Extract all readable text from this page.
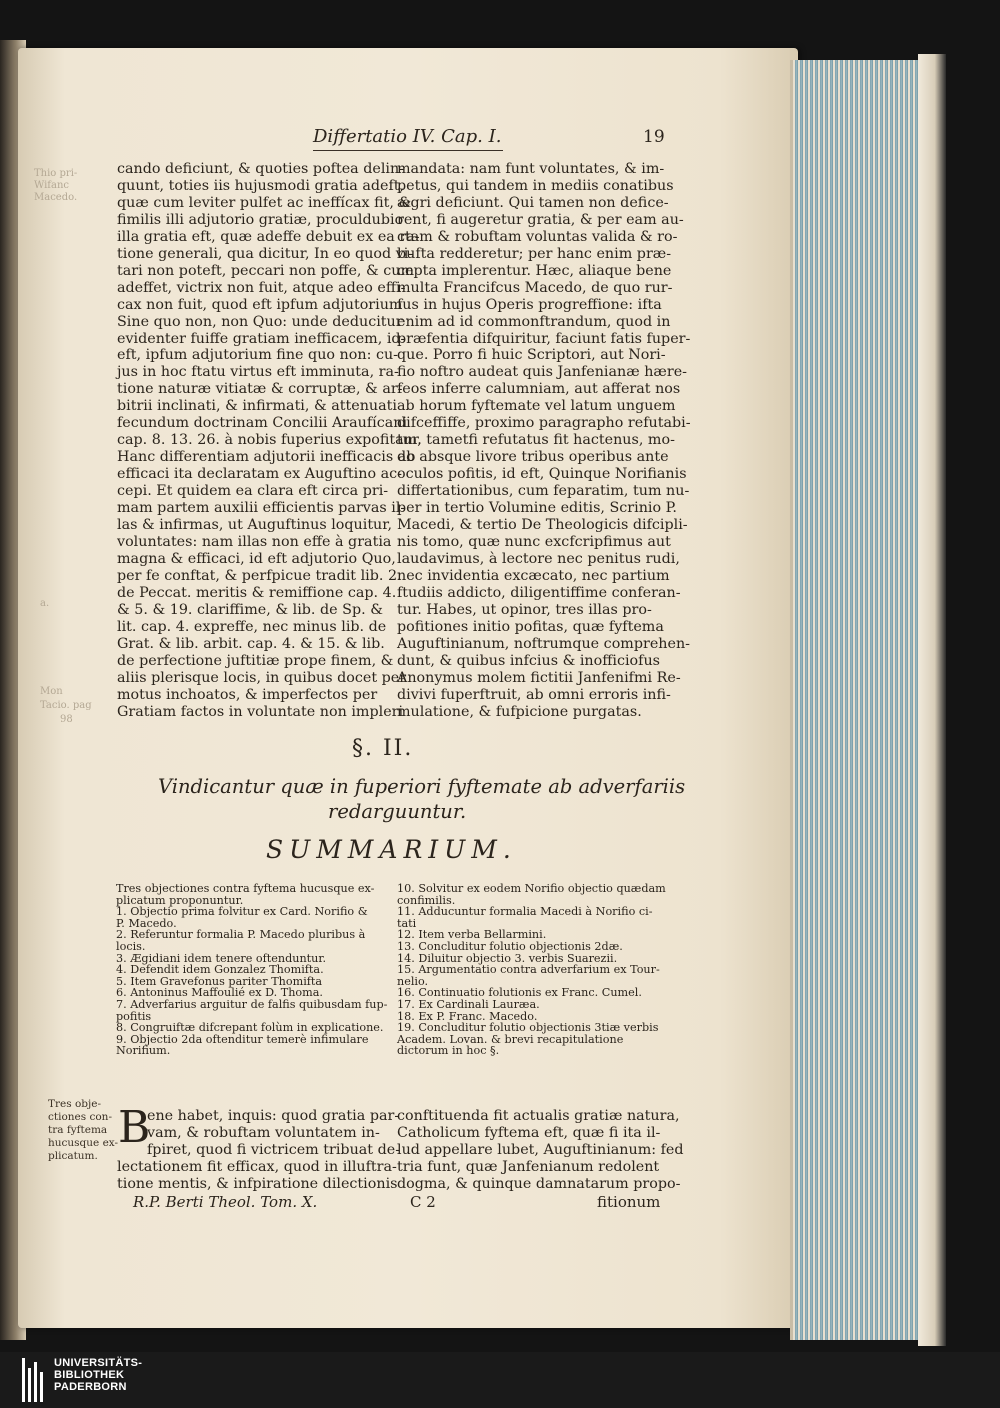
Thio pri-
Wifanc
Macedo.
a.
Mon
Tacio. pag
98
Differtatio IV. Cap. I.	19
cando deficiunt, & quoties poftea delin-
quunt, toties iis hujusmodi gratia adeft,
quæ cum leviter pulfet ac ineffícax fit, &
fimilis illi adjutorio gratiæ, proculdubio
illa gratia eft, quæ adeffe debuit ex ea ra-
tione generali, qua dicitur, In eo quod vi-
tari non poteft, peccari non poffe, & cum
adeffet, victrix non fuit, atque adeo effi-
cax non fuit, quod eft ipfum adjutorium
Sine quo non, non Quo: unde deducitur
evidenter fuiffe gratiam inefficacem, id-
eft, ipfum adjutorium fine quo non: cu-
jus in hoc ftatu virtus eft imminuta, ra-
tione naturæ vitiatæ & corruptæ, & ar-
bitrii inclinati, & infirmati, & attenuati
fecundum doctrinam Concilii Araufícani
cap. 8. 13. 26. à nobis fuperius expofitam.
Hanc differentiam adjutorii inefficacis ab
efficaci ita declaratam ex Auguftino ac-
cepi. Et quidem ea clara eft circa pri-
mam partem auxilii efficientis parvas il-
las & infirmas, ut Auguftinus loquitur,
voluntates: nam illas non effe à gratia
magna & efficaci, id eft adjutorio Quo,
per fe conftat, & perfpicue tradit lib. 2.
de Peccat. meritis & remiffione cap. 4.
& 5. & 19. clariffime, & lib. de Sp. &
lit. cap. 4. expreffe, nec minus lib. de
Grat. & lib. arbit. cap. 4. & 15. & lib.
de perfectione juftitiæ prope finem, &
aliis plerisque locis, in quibus docet per
motus inchoatos, & imperfectos per
Gratiam factos in voluntate non impleri
mandata: nam funt voluntates, & im-
petus, qui tandem in mediis conatibus
ægri deficiunt. Qui tamen non defice-
rent, fi augeretur gratia, & per eam au-
ctam & robuftam voluntas valida & ro-
bufta redderetur; per hanc enim præ-
cepta implerentur. Hæc, aliaque bene
multa Francifcus Macedo, de quo rur-
fus in hujus Operis progreffione: ifta
enim ad id commonftrandum, quod in
præfentia difquiritur, faciunt fatis fuper-
que. Porro fi huic Scriptori, aut Nori-
fio noftro audeat quis Janfenianæ hære-
feos inferre calumniam, aut afferat nos
ab horum fyftemate vel latum unguem
difceffiffe, proximo paragrapho refutabi-
tur, tametfi refutatus fit hactenus, mo-
do absque livore tribus operibus ante
oculos pofitis, id eft, Quinque Norifianis
differtationibus, cum feparatim, tum nu-
per in tertio Volumine editis, Scrinio P.
Macedi, & tertio De Theologicis difcipli-
nis tomo, quæ nunc excfcripfimus aut
laudavimus, à lectore nec penitus rudi,
nec invidentia excæcato, nec partium
ftudiis addicto, diligentiffime conferan-
tur. Habes, ut opinor, tres illas pro-
pofitiones initio pofitas, quæ fyftema
Auguftinianum, noftrumque comprehen-
dunt, & quibus infcius & inofficiofus
Anonymus molem fictitii Janfenifmi Re-
divivi fuperftruit, ab omni erroris infi-
mulatione, & fufpicione purgatas.
§. II.
Vindicantur quæ in fuperiori fyftemate ab adverfariis
redarguuntur.
SUMMARIUM.
Tres objectiones contra fyftema hucusque ex-
plicatum proponuntur.
1. Objectio prima folvitur ex Card. Norifio &
P. Macedo.
2. Referuntur formalia P. Macedo pluribus à
locis.
3. Ægidiani idem tenere oftenduntur.
4. Defendit idem Gonzalez Thomifta.
5. Item Gravefonus pariter Thomifta
6. Antoninus Maffoulié ex D. Thoma.
7. Adverfarius arguitur de falfis quibusdam fup-
pofitis
8. Congruiftæ difcrepant folùm in explicatione.
9. Objectio 2da oftenditur temerè infimulare
Norifium.
10. Solvitur ex eodem Norifio objectio quædam
confimilis.
11. Adducuntur formalia Macedi à Norifio ci-
tati
12. Item verba Bellarmini.
13. Concluditur folutio objectionis 2dæ.
14. Diluitur objectio 3. verbis Suarezii.
15. Argumentatio contra adverfarium ex Tour-
nelio.
16. Continuatio folutionis ex Franc. Cumel.
17. Ex Cardinali Lauræa.
18. Ex P. Franc. Macedo.
19. Concluditur folutio objectionis 3tiæ verbis
Academ. Lovan. & brevi recapitulatione
dictorum in hoc §.
Tres obje-
ctiones con-
tra fyftema
hucusque ex-
plicatum.
B
ene habet, inquis: quod gratia par-
vam, & robuftam voluntatem in-
fpiret, quod fi victricem tribuat de-
lectationem fit efficax, quod in illuftra-
tione mentis, & infpiratione dilectionis
conftituenda fit actualis gratiæ natura,
Catholicum fyftema eft, quæ fi ita il-
lud appellare lubet, Auguftinianum: fed
tria funt, quæ Janfenianum redolent
dogma, & quinque damnatarum propo-
R.P. Berti Theol. Tom. X.	C 2	fitionum
UNIVERSITÄTS-
BIBLIOTHEK
PADERBORN
